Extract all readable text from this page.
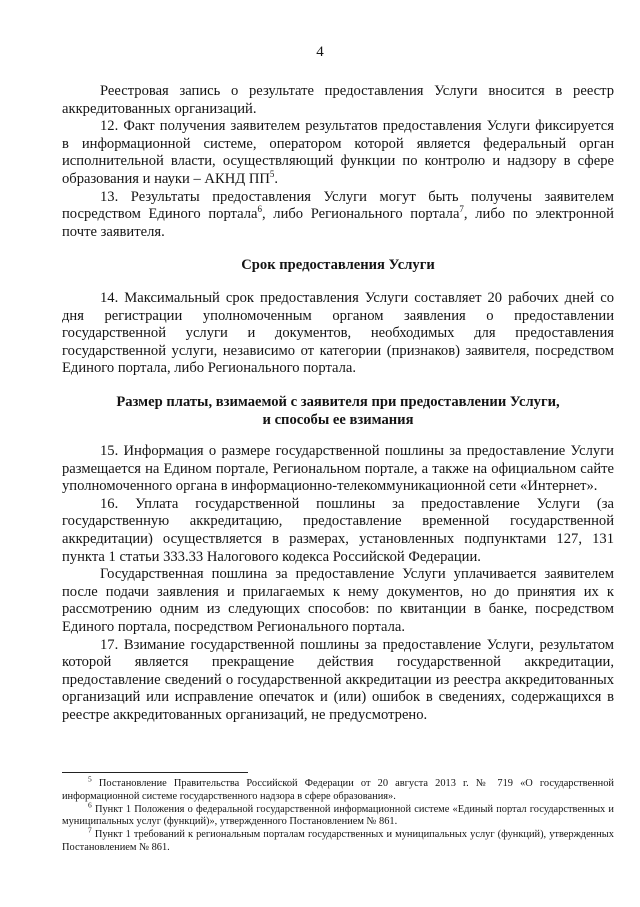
4

Реестровая запись о результате предоставления Услуги вносится в реестр аккредитованных организаций.

12. Факт получения заявителем результатов предоставления Услуги фиксируется в информационной системе, оператором которой является федеральный орган исполнительной власти, осуществляющий функции по контролю и надзору в сфере образования и науки – АКНД $ПП^5$.

13. Результаты предоставления Услуги могут быть получены заявителем посредством Единого портала$^6$, либо Регионального портала$^7$, либо по электронной почте заявителя.

Срок предоставления Услуги

14. Максимальный срок предоставления Услуги составляет 20 рабочих дней со дня регистрации уполномоченным органом заявления о предоставлении государственной услуги и документов, необходимых для предоставления государственной услуги, независимо от категории (признаков) заявителя, посредством Единого портала, либо Регионального портала.

Размер платы, взимаемой с заявителя при предоставлении Услуги,

и способы ее взимания

15. Информация о размере государственной пошлины за предоставление Услуги размещается на Едином портале, Региональном портале, а также на официальном сайте уполномоченного органа в информационно-телекоммуникационной сети «Интернет».

16. Уплата государственной пошлины за предоставление Услуги (за государственную аккредитацию, предоставление временной государственной аккредитации) осуществляется в размерах, установленных подпунктами 127, 131 пункта 1 статьи 333.33 Налогового кодекса Российской Федерации.

Государственная пошлина за предоставление Услуги уплачивается заявителем после подачи заявления и прилагаемых к нему документов, но до принятия их к рассмотрению одним из следующих способов: по квитанции в банке, посредством Единого портала, посредством Регионального портала.

17. Взимание государственной пошлины за предоставление Услуги, результатом которой является прекращение действия государственной аккредитации, предоставление сведений о государственной аккредитации из реестра аккредитованных организаций или исправление опечаток и (или) ошибок в сведениях, содержащихся в реестре аккредитованных организаций, не предусмотрено.

$^5$ Постановление Правительства Российской Федерации от 20 августа 2013 г. № 719 «О государственной информационной системе государственного надзора в сфере образования».

$^6$ Пункт 1 Положения о федеральной государственной информационной системе «Единый портал государственных и муниципальных услуг (функций)», утвержденного Постановлением № 861.

$^7$ Пункт 1 требований к региональным порталам государственных и муниципальных услуг (функций), утвержденных Постановлением № 861.
